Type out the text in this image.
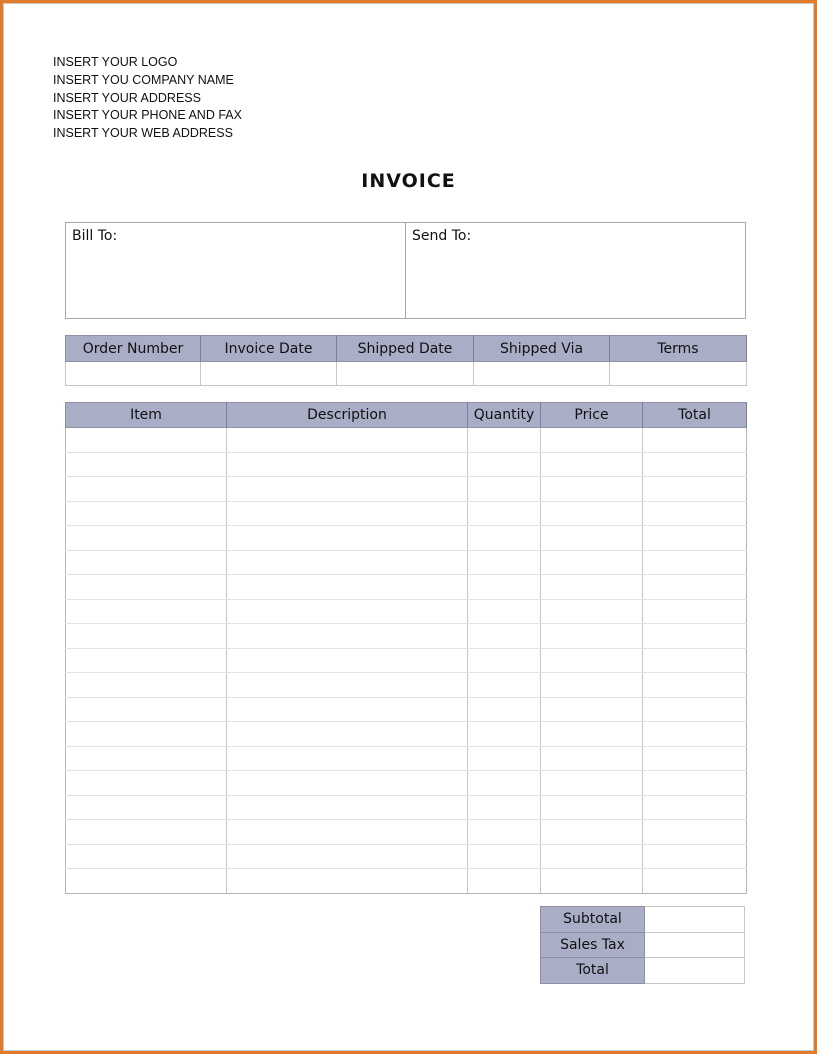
INSERT YOUR LOGO
INSERT YOU COMPANY NAME
INSERT YOUR ADDRESS
INSERT YOUR PHONE AND FAX
INSERT YOUR WEB ADDRESS
INVOICE
Bill To:	Send To:
Order Number	Invoice Date	Shipped Date	Shipped Via	Terms

Item	Description	Quantity	Price	Total

Subtotal	
Sales Tax	
Total	
